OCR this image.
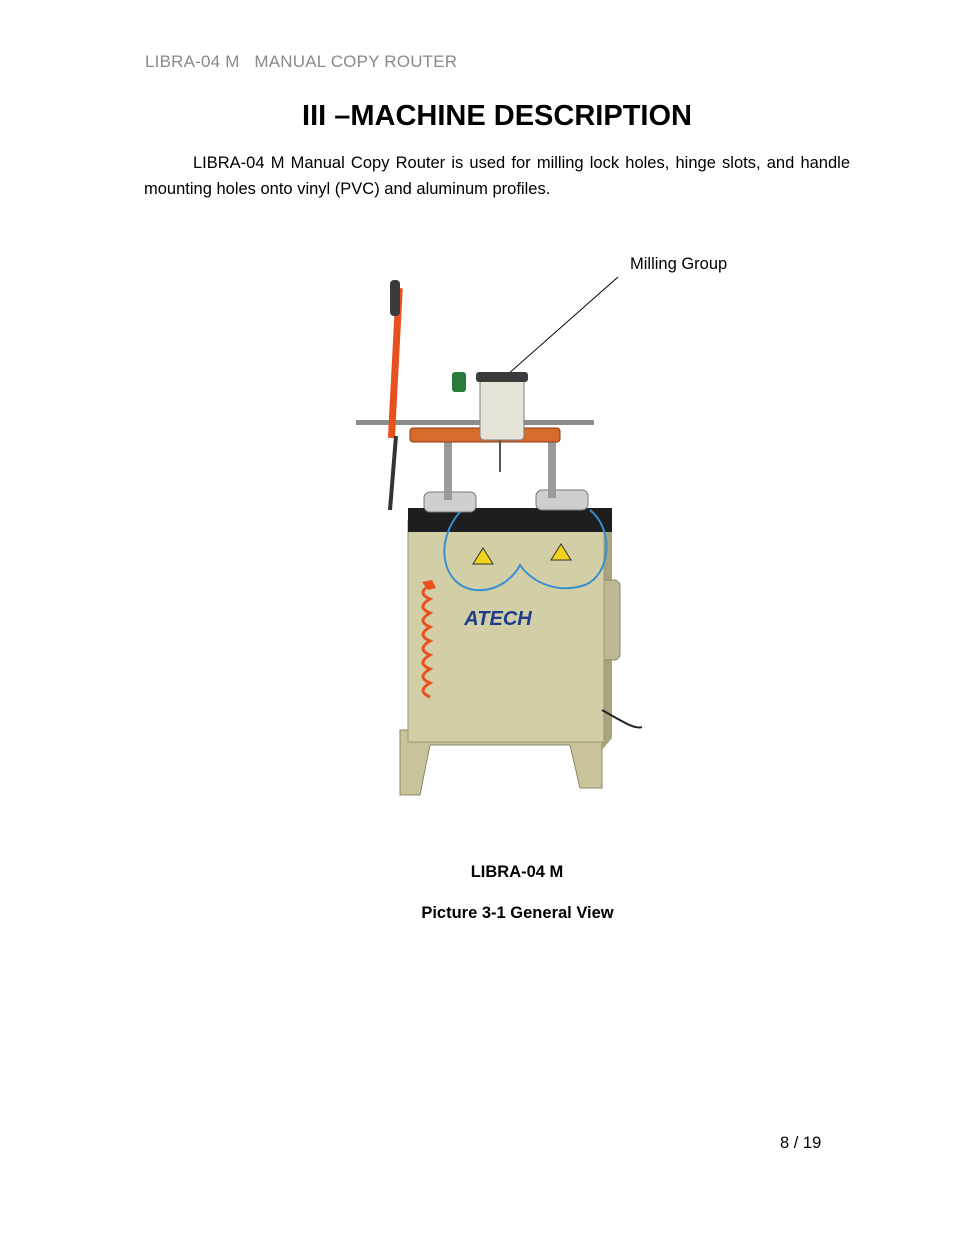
LIBRA-04 M   MANUAL COPY ROUTER
III –MACHINE DESCRIPTION
LIBRA-04 M Manual Copy Router is used for milling lock holes, hinge slots, and handle mounting holes onto vinyl (PVC) and aluminum profiles.
Milling Group
ATECH
LIBRA-04 M
Picture 3-1 General View
8 / 19
